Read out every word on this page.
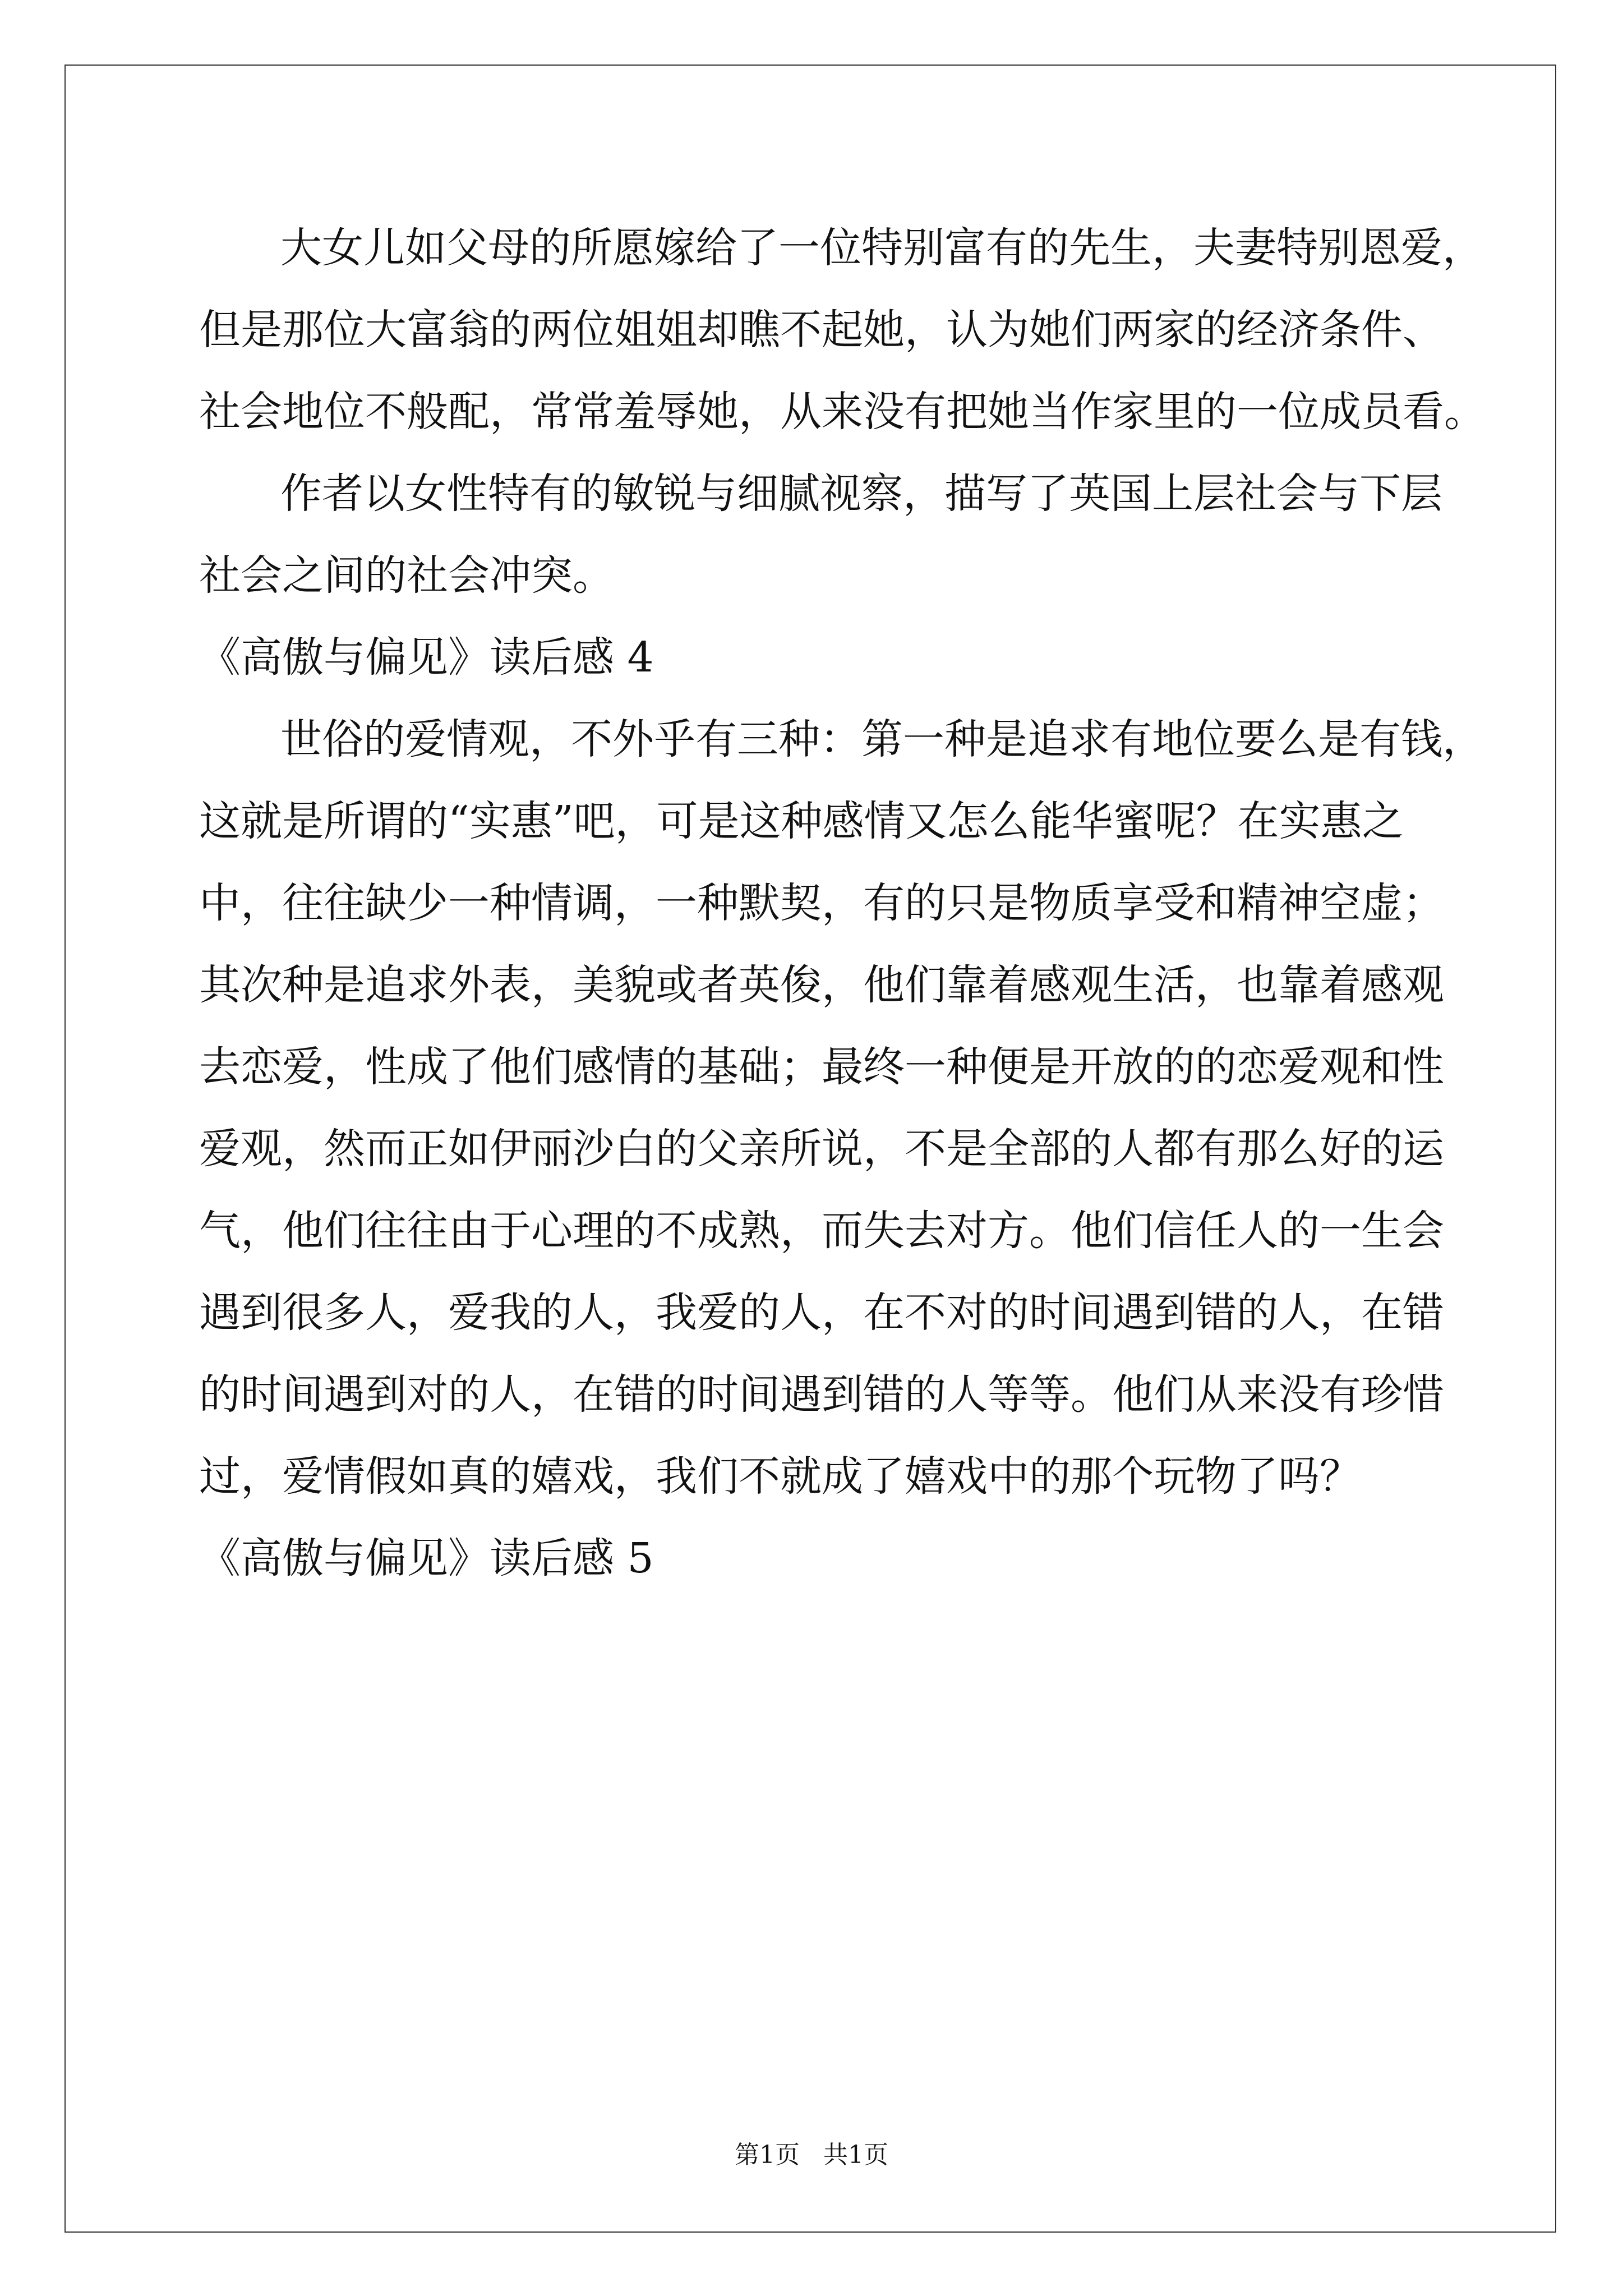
大女儿如父母的所愿嫁给了一位特别富有的先生，夫妻特别恩爱，
但是那位大富翁的两位姐姐却瞧不起她，认为她们两家的经济条件、
社会地位不般配，常常羞辱她，从来没有把她当作家里的一位成员看。
作者以女性特有的敏锐与细腻视察，描写了英国上层社会与下层
社会之间的社会冲突。
《高傲与偏见》读后感 4
世俗的爱情观，不外乎有三种：第一种是追求有地位要么是有钱，
这就是所谓的“实惠”吧，可是这种感情又怎么能华蜜呢？在实惠之
中，往往缺少一种情调，一种默契，有的只是物质享受和精神空虚；
其次种是追求外表，美貌或者英俊，他们靠着感观生活，也靠着感观
去恋爱，性成了他们感情的基础；最终一种便是开放的的恋爱观和性
爱观，然而正如伊丽沙白的父亲所说，不是全部的人都有那么好的运
气，他们往往由于心理的不成熟，而失去对方。他们信任人的一生会
遇到很多人，爱我的人，我爱的人，在不对的时间遇到错的人，在错
的时间遇到对的人，在错的时间遇到错的人等等。他们从来没有珍惜
过，爱情假如真的嬉戏，我们不就成了嬉戏中的那个玩物了吗？
《高傲与偏见》读后感 5
第1页   共1页
